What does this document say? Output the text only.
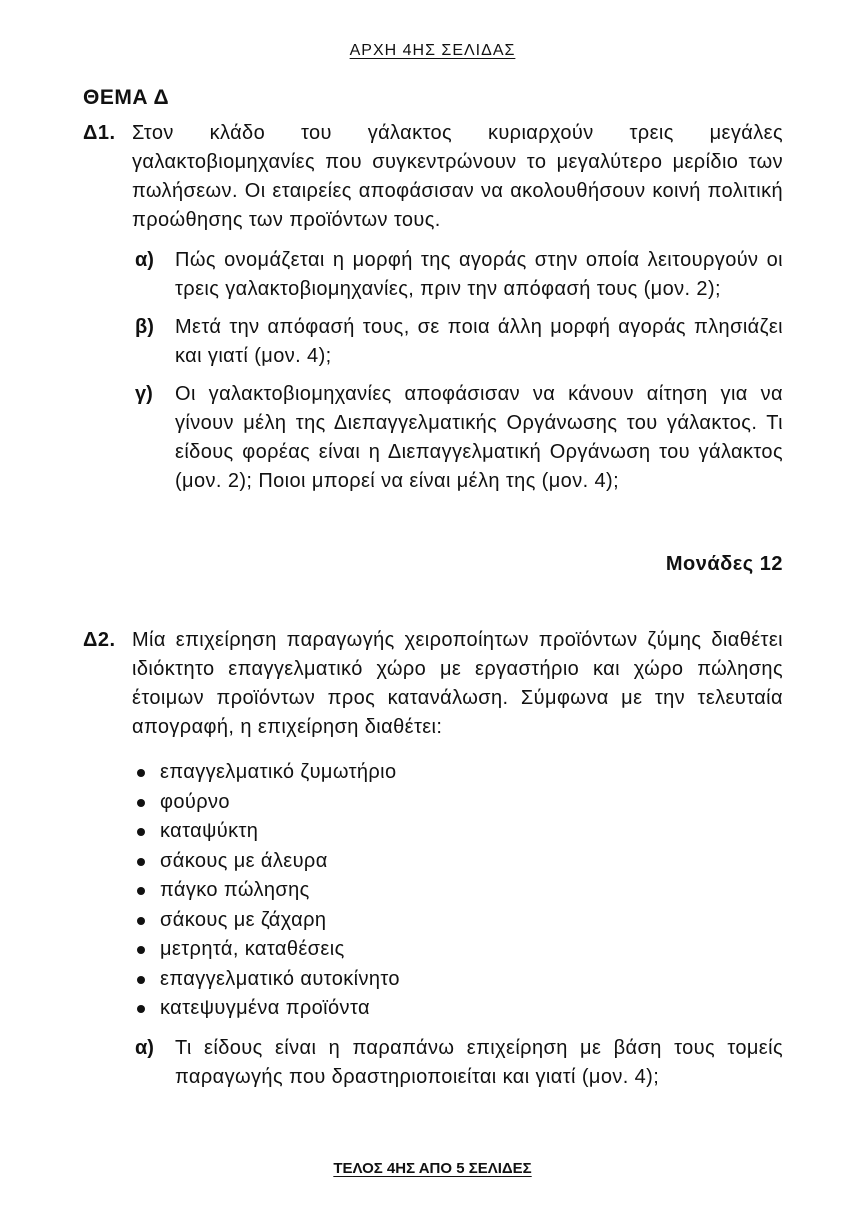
ΑΡΧΗ 4ΗΣ ΣΕΛΙΔΑΣ
ΘΕΜΑ Δ
Δ1. Στον κλάδο του γάλακτος κυριαρχούν τρεις μεγάλες γαλακτοβιομηχανίες που συγκεντρώνουν το μεγαλύτερο μερίδιο των πωλήσεων. Οι εταιρείες αποφάσισαν να ακολουθήσουν κοινή πολιτική προώθησης των προϊόντων τους.
α) Πώς ονομάζεται η μορφή της αγοράς στην οποία λειτουργούν οι τρεις γαλακτοβιομηχανίες, πριν την απόφασή τους (μον. 2);
β) Μετά την απόφασή τους, σε ποια άλλη μορφή αγοράς πλησιάζει και γιατί (μον. 4);
γ) Οι γαλακτοβιομηχανίες αποφάσισαν να κάνουν αίτηση για να γίνουν μέλη της Διεπαγγελματικής Οργάνωσης του γάλακτος. Τι είδους φορέας είναι η Διεπαγγελματική Οργάνωση του γάλακτος (μον. 2); Ποιοι μπορεί να είναι μέλη της (μον. 4);
Μονάδες 12
Δ2. Μία επιχείρηση παραγωγής χειροποίητων προϊόντων ζύμης διαθέτει ιδιόκτητο επαγγελματικό χώρο με εργαστήριο και χώρο πώλησης έτοιμων προϊόντων προς κατανάλωση. Σύμφωνα με την τελευταία απογραφή, η επιχείρηση διαθέτει:
επαγγελματικό ζυμωτήριο
φούρνο
καταψύκτη
σάκους με άλευρα
πάγκο πώλησης
σάκους με ζάχαρη
μετρητά, καταθέσεις
επαγγελματικό αυτοκίνητο
κατεψυγμένα προϊόντα
α) Τι είδους είναι η παραπάνω επιχείρηση με βάση τους τομείς παραγωγής που δραστηριοποιείται και γιατί (μον. 4);
ΤΕΛΟΣ 4ΗΣ ΑΠΟ 5 ΣΕΛΙΔΕΣ
